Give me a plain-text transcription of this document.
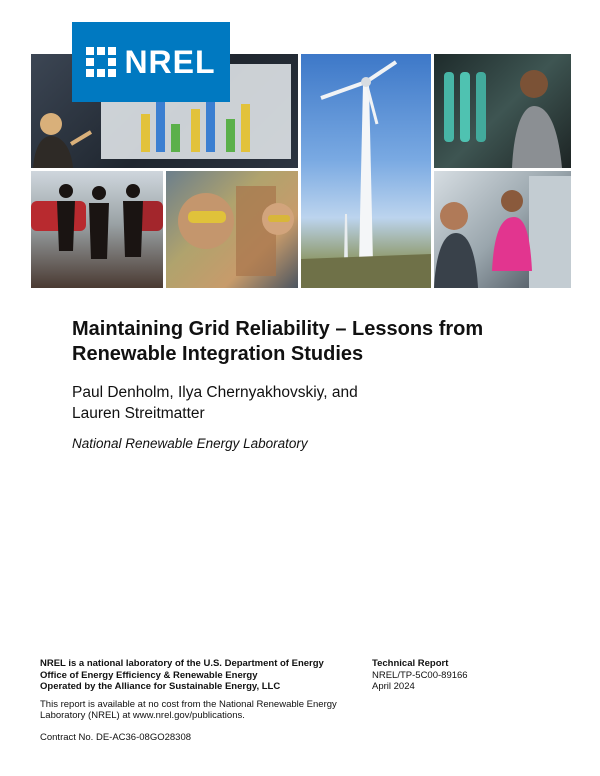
NREL
Maintaining Grid Reliability – Lessons from Renewable Integration Studies
Paul Denholm, Ilya Chernyakhovskiy, and Lauren Streitmatter
National Renewable Energy Laboratory

NREL is a national laboratory of the U.S. Department of Energy

Office of Energy Efficiency & Renewable Energy

Operated by the Alliance for Sustainable Energy, LLC

This report is available at no cost from the National Renewable Energy Laboratory (NREL) at www.nrel.gov/publications.

Contract No. DE-AC36-08GO28308

Technical Report

NREL/TP-5C00-89166

April 2024
